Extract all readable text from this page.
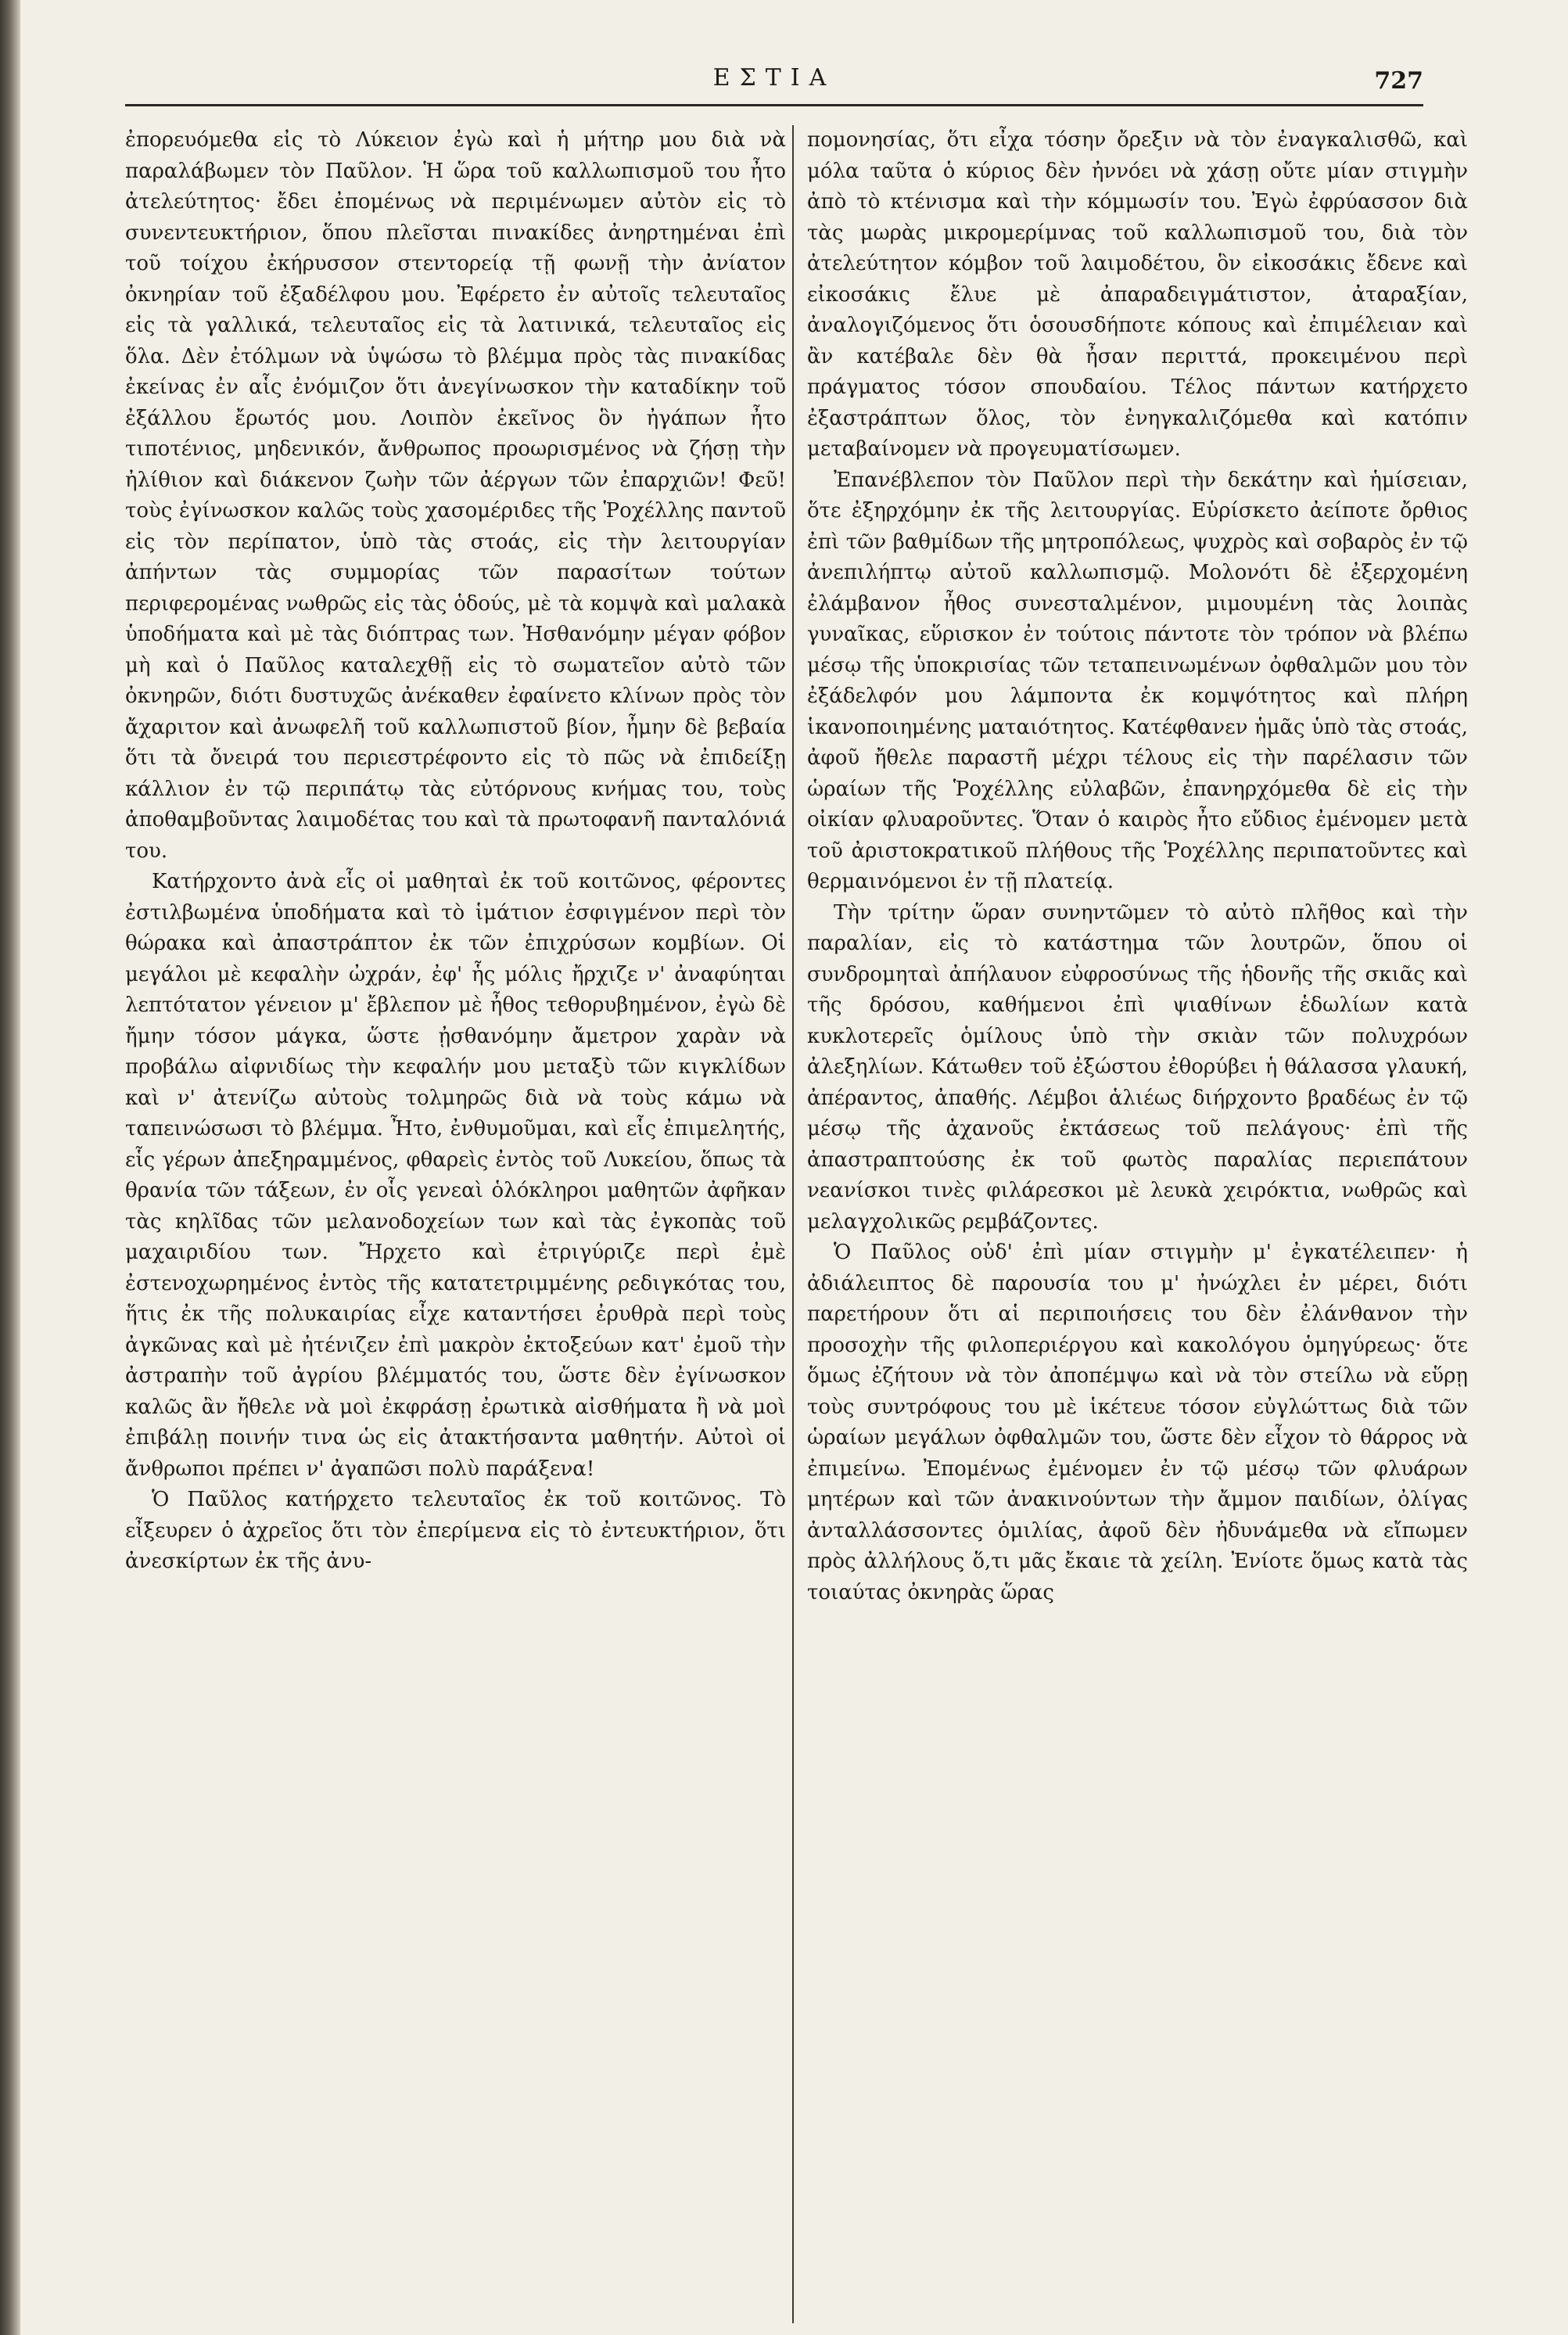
ΕΣΤΙΑ	727

ἐπορευόμεθα εἰς τὸ Λύκειον ἐγὼ καὶ ἡ μήτηρ μου διὰ νὰ παραλάβωμεν τὸν Παῦλον. Ἡ ὥρα τοῦ καλλωπισμοῦ του ἦτο ἀτελεύτητος· ἔδει ἐπομένως νὰ περιμένωμεν αὐτὸν εἰς τὸ συνεντευκτήριον, ὅπου πλεῖσται πινακίδες ἀνηρτημέναι ἐπὶ τοῦ τοίχου ἐκήρυσσον στεντορείᾳ τῇ φωνῇ τὴν ἀνίατον ὀκνηρίαν τοῦ ἐξαδέλφου μου. Ἐφέρετο ἐν αὐτοῖς τελευταῖος εἰς τὰ γαλλικά, τελευταῖος εἰς τὰ λατινικά, τελευταῖος εἰς ὅλα. Δὲν ἐτόλμων νὰ ὑψώσω τὸ βλέμμα πρὸς τὰς πινακίδας ἐκείνας ἐν αἷς ἐνόμιζον ὅτι ἀνεγίνωσκον τὴν καταδίκην τοῦ ἐξάλλου ἔρωτός μου. Λοιπὸν ἐκεῖνος ὃν ἠγάπων ἦτο τιποτένιος, μηδενικόν, ἄνθρωπος προωρισμένος νὰ ζήσῃ τὴν ἠλίθιον καὶ διάκενον ζωὴν τῶν ἀέργων τῶν ἐπαρχιῶν! Φεῦ! τοὺς ἐγίνωσκον καλῶς τοὺς χασομέριδες τῆς Ῥοχέλλης παντοῦ εἰς τὸν περίπατον, ὑπὸ τὰς στοάς, εἰς τὴν λειτουργίαν ἀπήντων τὰς συμμορίας τῶν παρασίτων τούτων περιφερομένας νωθρῶς εἰς τὰς ὁδούς, μὲ τὰ κομψὰ καὶ μαλακὰ ὑποδήματα καὶ μὲ τὰς διόπτρας των. Ἠσθανόμην μέγαν φόβον μὴ καὶ ὁ Παῦλος καταλεχθῇ εἰς τὸ σωματεῖον αὐτὸ τῶν ὀκνηρῶν, διότι δυστυχῶς ἀνέκαθεν ἐφαίνετο κλίνων πρὸς τὸν ἄχαριτον καὶ ἀνωφελῆ τοῦ καλλωπιστοῦ βίον, ἦμην δὲ βεβαία ὅτι τὰ ὄνειρά του περιεστρέφοντο εἰς τὸ πῶς νὰ ἐπιδείξῃ κάλλιον ἐν τῷ περιπάτῳ τὰς εὐτόρνους κνήμας του, τοὺς ἀποθαμβοῦντας λαιμοδέτας του καὶ τὰ πρωτοφανῆ πανταλόνιά του.

Κατήρχοντο ἀνὰ εἷς οἱ μαθηταὶ ἐκ τοῦ κοιτῶνος, φέροντες ἐστιλβωμένα ὑποδήματα καὶ τὸ ἱμάτιον ἐσφιγμένον περὶ τὸν θώρακα καὶ ἀπαστράπτον ἐκ τῶν ἐπιχρύσων κομβίων. Οἱ μεγάλοι μὲ κεφαλὴν ὠχράν, ἐφ' ἧς μόλις ἤρχιζε ν' ἀναφύηται λεπτότατον γένειον μ' ἔβλεπον μὲ ἦθος τεθορυβημένον, ἐγὼ δὲ ἤμην τόσον μάγκα, ὥστε ᾐσθανόμην ἄμετρον χαρὰν νὰ προβάλω αἰφνιδίως τὴν κεφαλήν μου μεταξὺ τῶν κιγκλίδων καὶ ν' ἀτενίζω αὐτοὺς τολμηρῶς διὰ νὰ τοὺς κάμω νὰ ταπεινώσωσι τὸ βλέμμα. Ἦτο, ἐνθυμοῦμαι, καὶ εἷς ἐπιμελητής, εἷς γέρων ἀπεξηραμμένος, φθαρεὶς ἐντὸς τοῦ Λυκείου, ὅπως τὰ θρανία τῶν τάξεων, ἐν οἷς γενεαὶ ὁλόκληροι μαθητῶν ἀφῆκαν τὰς κηλῖδας τῶν μελανοδοχείων των καὶ τὰς ἐγκοπὰς τοῦ μαχαιριδίου των. Ἤρχετο καὶ ἐτριγύριζε περὶ ἐμὲ ἐστενοχωρημένος ἐντὸς τῆς κατατετριμμένης ρεδιγκότας του, ἥτις ἐκ τῆς πολυκαιρίας εἶχε καταντήσει ἐρυθρὰ περὶ τοὺς ἀγκῶνας καὶ μὲ ἠτένιζεν ἐπὶ μακρὸν ἐκτοξεύων κατ' ἐμοῦ τὴν ἀστραπὴν τοῦ ἀγρίου βλέμματός του, ὥστε δὲν ἐγίνωσκον καλῶς ἂν ἤθελε νὰ μοὶ ἐκφράσῃ ἐρωτικὰ αἰσθήματα ἢ νὰ μοὶ ἐπιβάλῃ ποινήν τινα ὡς εἰς ἀτακτήσαντα μαθητήν. Αὐτοὶ οἱ ἄνθρωποι πρέπει ν' ἀγαπῶσι πολὺ παράξενα!

Ὁ Παῦλος κατήρχετο τελευταῖος ἐκ τοῦ κοιτῶνος. Τὸ εἶξευρεν ὁ ἀχρεῖος ὅτι τὸν ἐπερίμενα εἰς τὸ ἐντευκτήριον, ὅτι ἀνεσκίρτων ἐκ τῆς ἀνυ-

πομονησίας, ὅτι εἶχα τόσην ὄρεξιν νὰ τὸν ἐναγκαλισθῶ, καὶ μόλα ταῦτα ὁ κύριος δὲν ἠννόει νὰ χάσῃ οὔτε μίαν στιγμὴν ἀπὸ τὸ κτένισμα καὶ τὴν κόμμωσίν του. Ἐγὼ ἐφρύασσον διὰ τὰς μωρὰς μικρομερίμνας τοῦ καλλωπισμοῦ του, διὰ τὸν ἀτελεύτητον κόμβον τοῦ λαιμοδέτου, ὃν εἰκοσάκις ἔδενε καὶ εἰκοσάκις ἔλυε μὲ ἀπαραδειγμάτιστον, ἀταραξίαν, ἀναλογιζόμενος ὅτι ὁσουσδήποτε κόπους καὶ ἐπιμέλειαν καὶ ἂν κατέβαλε δὲν θὰ ἦσαν περιττά, προκειμένου περὶ πράγματος τόσον σπουδαίου. Τέλος πάντων κατήρχετο ἐξαστράπτων ὅλος, τὸν ἐνηγκαλιζόμεθα καὶ κατόπιν μεταβαίνομεν νὰ προγευματίσωμεν.

Ἐπανέβλεπον τὸν Παῦλον περὶ τὴν δεκάτην καὶ ἡμίσειαν, ὅτε ἐξηρχόμην ἐκ τῆς λειτουργίας. Εὑρίσκετο ἀείποτε ὄρθιος ἐπὶ τῶν βαθμίδων τῆς μητροπόλεως, ψυχρὸς καὶ σοβαρὸς ἐν τῷ ἀνεπιλήπτῳ αὐτοῦ καλλωπισμῷ. Μολονότι δὲ ἐξερχομένη ἐλάμβανον ἦθος συνεσταλμένον, μιμουμένη τὰς λοιπὰς γυναῖκας, εὕρισκον ἐν τούτοις πάντοτε τὸν τρόπον νὰ βλέπω μέσῳ τῆς ὑποκρισίας τῶν τεταπεινωμένων ὀφθαλμῶν μου τὸν ἐξάδελφόν μου λάμποντα ἐκ κομψότητος καὶ πλήρη ἱκανοποιημένης ματαιότητος. Κατέφθανεν ἡμᾶς ὑπὸ τὰς στοάς, ἀφοῦ ἤθελε παραστῆ μέχρι τέλους εἰς τὴν παρέλασιν τῶν ὡραίων τῆς Ῥοχέλλης εὐλαβῶν, ἐπανηρχόμεθα δὲ εἰς τὴν οἰκίαν φλυαροῦντες. Ὅταν ὁ καιρὸς ἦτο εὔδιος ἐμένομεν μετὰ τοῦ ἀριστοκρατικοῦ πλήθους τῆς Ῥοχέλλης περιπατοῦντες καὶ θερμαινόμενοι ἐν τῇ πλατείᾳ.

Τὴν τρίτην ὥραν συνηντῶμεν τὸ αὐτὸ πλῆθος καὶ τὴν παραλίαν, εἰς τὸ κατάστημα τῶν λουτρῶν, ὅπου οἱ συνδρομηταὶ ἀπήλαυον εὐφροσύνως τῆς ἡδονῆς τῆς σκιᾶς καὶ τῆς δρόσου, καθήμενοι ἐπὶ ψιαθίνων ἑδωλίων κατὰ κυκλοτερεῖς ὁμίλους ὑπὸ τὴν σκιὰν τῶν πολυχρόων ἀλεξηλίων. Κάτωθεν τοῦ ἐξώστου ἐθορύβει ἡ θάλασσα γλαυκή, ἀπέραντος, ἀπαθής. Λέμβοι ἁλιέως διήρχοντο βραδέως ἐν τῷ μέσῳ τῆς ἀχανοῦς ἐκτάσεως τοῦ πελάγους· ἐπὶ τῆς ἀπαστραπτούσης ἐκ τοῦ φωτὸς παραλίας περιεπάτουν νεανίσκοι τινὲς φιλάρεσκοι μὲ λευκὰ χειρόκτια, νωθρῶς καὶ μελαγχολικῶς ρεμβάζοντες.

Ὁ Παῦλος οὐδ' ἐπὶ μίαν στιγμὴν μ' ἐγκατέλειπεν· ἡ ἀδιάλειπτος δὲ παρουσία του μ' ἠνώχλει ἐν μέρει, διότι παρετήρουν ὅτι αἱ περιποιήσεις του δὲν ἐλάνθανον τὴν προσοχὴν τῆς φιλοπεριέργου καὶ κακολόγου ὁμηγύρεως· ὅτε ὅμως ἐζήτουν νὰ τὸν ἀποπέμψω καὶ νὰ τὸν στείλω νὰ εὕρῃ τοὺς συντρόφους του μὲ ἱκέτευε τόσον εὐγλώττως διὰ τῶν ὡραίων μεγάλων ὀφθαλμῶν του, ὥστε δὲν εἶχον τὸ θάρρος νὰ ἐπιμείνω. Ἐπομένως ἐμένομεν ἐν τῷ μέσῳ τῶν φλυάρων μητέρων καὶ τῶν ἀνακινούντων τὴν ἄμμον παιδίων, ὀλίγας ἀνταλλάσσοντες ὁμιλίας, ἀφοῦ δὲν ἠδυνάμεθα νὰ εἴπωμεν πρὸς ἀλλήλους ὅ,τι μᾶς ἔκαιε τὰ χείλη. Ἐνίοτε ὅμως κατὰ τὰς τοιαύτας ὀκνηρὰς ὥρας
